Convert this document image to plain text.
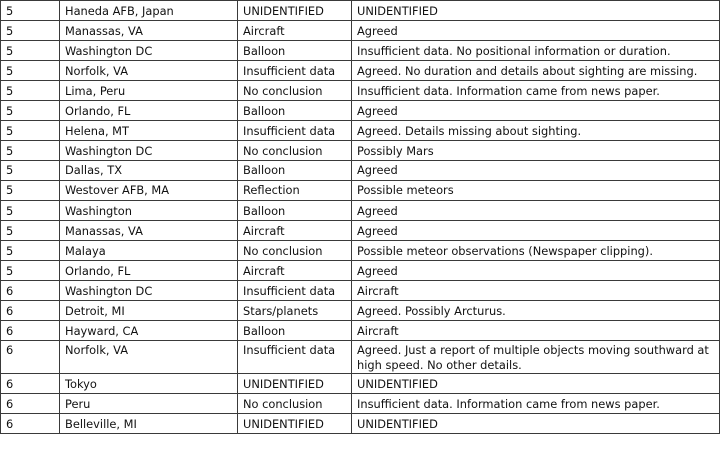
5	Haneda AFB, Japan	UNIDENTIFIED	UNIDENTIFIED
5	Manassas, VA	Aircraft	Agreed
5	Washington DC	Balloon	Insufficient data. No positional information or duration.
5	Norfolk, VA	Insufficient data	Agreed. No duration and details about sighting are missing.
5	Lima, Peru	No conclusion	Insufficient data. Information came from news paper.
5	Orlando, FL	Balloon	Agreed
5	Helena, MT	Insufficient data	Agreed. Details missing about sighting.
5	Washington DC	No conclusion	Possibly Mars
5	Dallas, TX	Balloon	Agreed
5	Westover AFB, MA	Reflection	Possible meteors
5	Washington	Balloon	Agreed
5	Manassas, VA	Aircraft	Agreed
5	Malaya	No conclusion	Possible meteor observations (Newspaper clipping).
5	Orlando, FL	Aircraft	Agreed
6	Washington DC	Insufficient data	Aircraft
6	Detroit, MI	Stars/planets	Agreed. Possibly Arcturus.
6	Hayward, CA	Balloon	Aircraft
6	Norfolk, VA	Insufficient data	Agreed. Just a report of multiple objects moving southward at high speed. No other details.
6	Tokyo	UNIDENTIFIED	UNIDENTIFIED
6	Peru	No conclusion	Insufficient data. Information came from news paper.
6	Belleville, MI	UNIDENTIFIED	UNIDENTIFIED
